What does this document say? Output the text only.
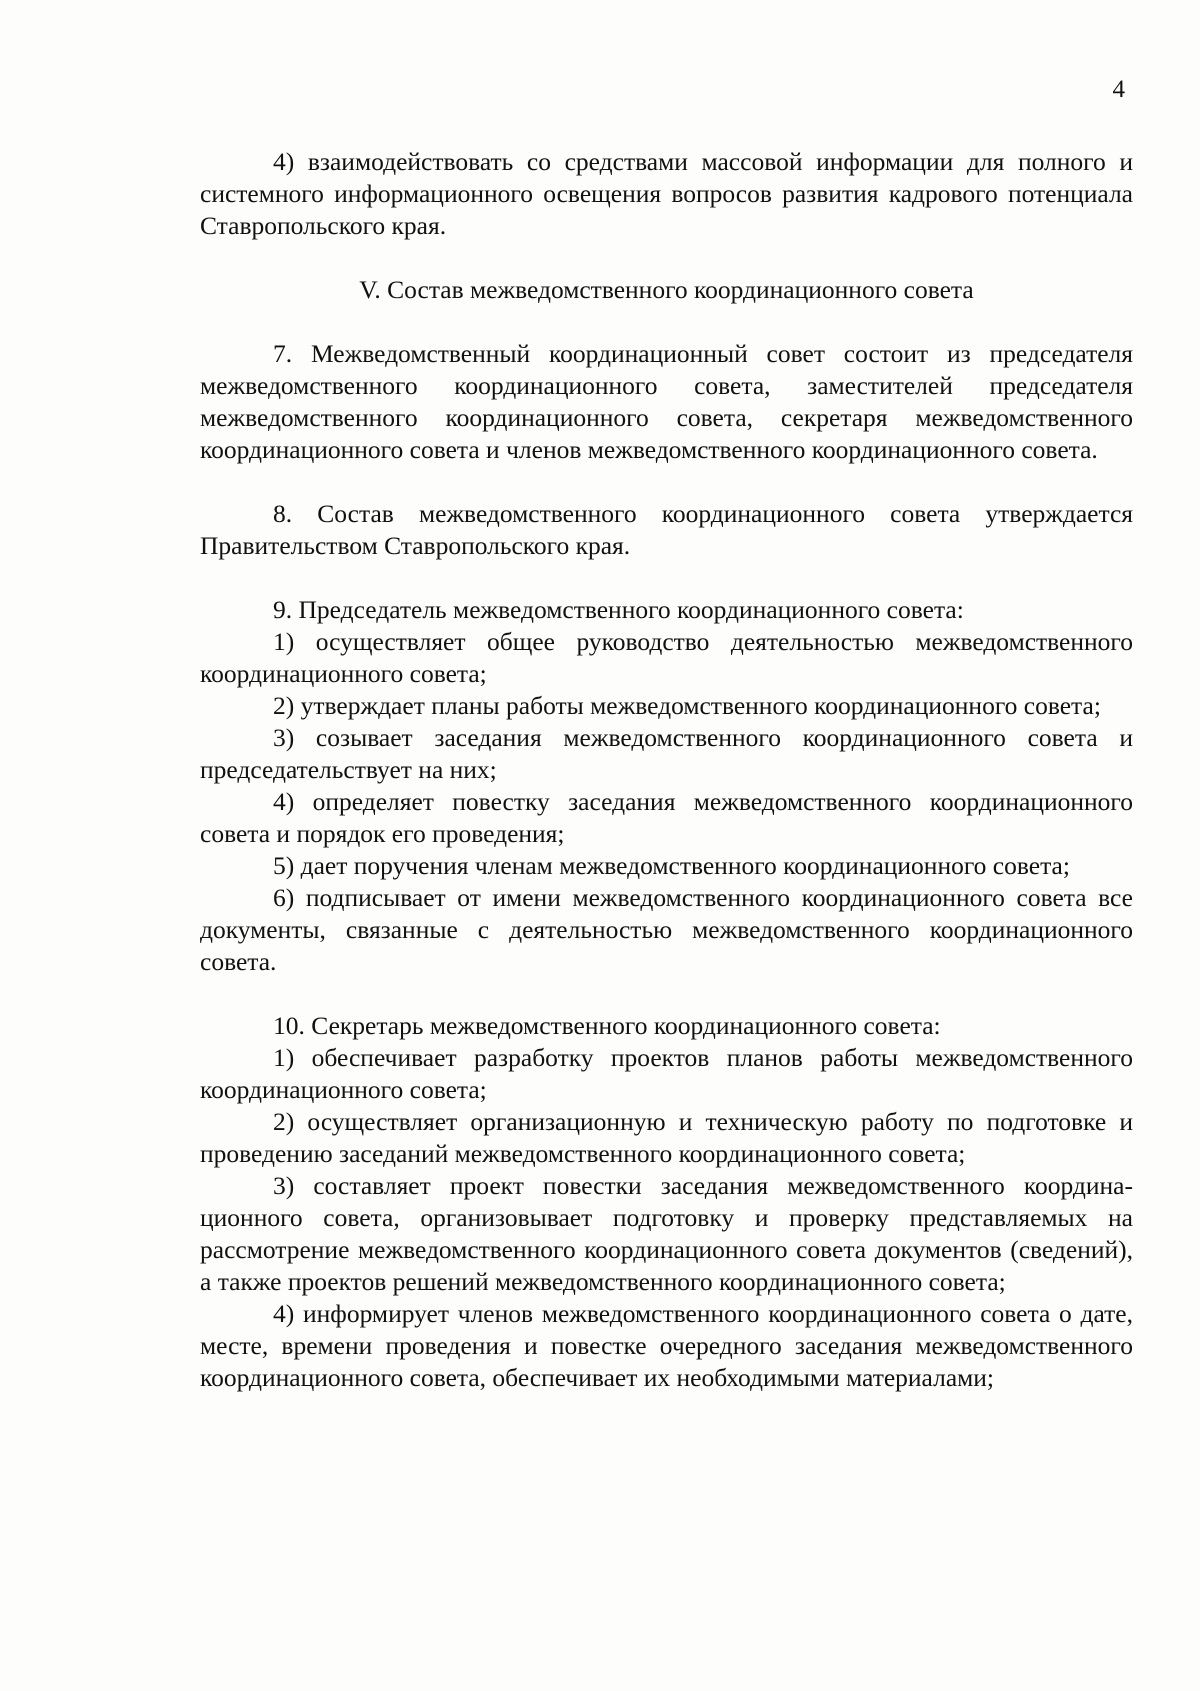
4

4) взаимодействовать со средствами массовой информации для полного и системного информационного освещения вопросов развития кадрового потенциала Ставропольского края.

V. Состав межведомственного координационного совета

7. Межведомственный координационный совет состоит из председателя межведомственного координационного совета, заместителей председателя межведомственного координационного совета, секретаря межведомственного координационного совета и членов межведомственного координационного совета.

8. Состав межведомственного координационного совета утверждается Правительством Ставропольского края.

9. Председатель межведомственного координационного совета:

1) осуществляет общее руководство деятельностью межведомственного координационного совета;

2) утверждает планы работы межведомственного координационного совета;

3) созывает заседания межведомственного координационного совета и председательствует на них;

4) определяет повестку заседания межведомственного координационного совета и порядок его проведения;

5) дает поручения членам межведомственного координационного совета;

6) подписывает от имени межведомственного координационного совета все документы, связанные с деятельностью межведомственного координационного совета.

10. Секретарь межведомственного координационного совета:

1) обеспечивает разработку проектов планов работы межведомственного координационного совета;

2) осуществляет организационную и техническую работу по подготовке и проведению заседаний межведомственного координационного совета;

3) составляет проект повестки заседания межведомственного координационного совета, организовывает подготовку и проверку представляемых на рассмотрение межведомственного координационного совета документов (сведений), а также проектов решений межведомственного координационного совета;

4) информирует членов межведомственного координационного совета о дате, месте, времени проведения и повестке очередного заседания межведомственного координационного совета, обеспечивает их необходимыми материалами;
